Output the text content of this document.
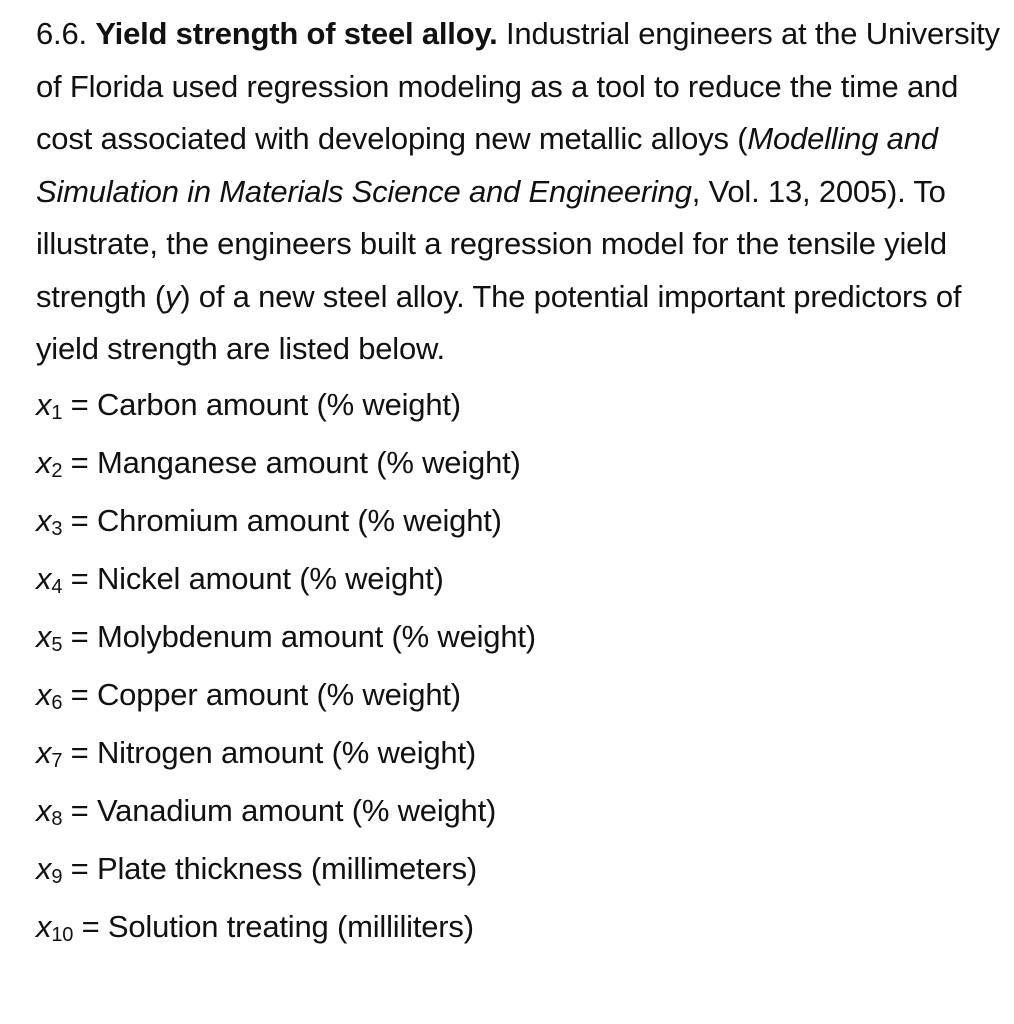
6.6. Yield strength of steel alloy. Industrial engineers at the University of Florida used regression modeling as a tool to reduce the time and cost associated with developing new metallic alloys (Modelling and Simulation in Materials Science and Engineering, Vol. 13, 2005). To illustrate, the engineers built a regression model for the tensile yield strength (y) of a new steel alloy. The potential important predictors of yield strength are listed below.

x1 = Carbon amount (% weight)
x2 = Manganese amount (% weight)
x3 = Chromium amount (% weight)
x4 = Nickel amount (% weight)
x5 = Molybdenum amount (% weight)
x6 = Copper amount (% weight)
x7 = Nitrogen amount (% weight)
x8 = Vanadium amount (% weight)
x9 = Plate thickness (millimeters)
x10 = Solution treating (milliliters)
